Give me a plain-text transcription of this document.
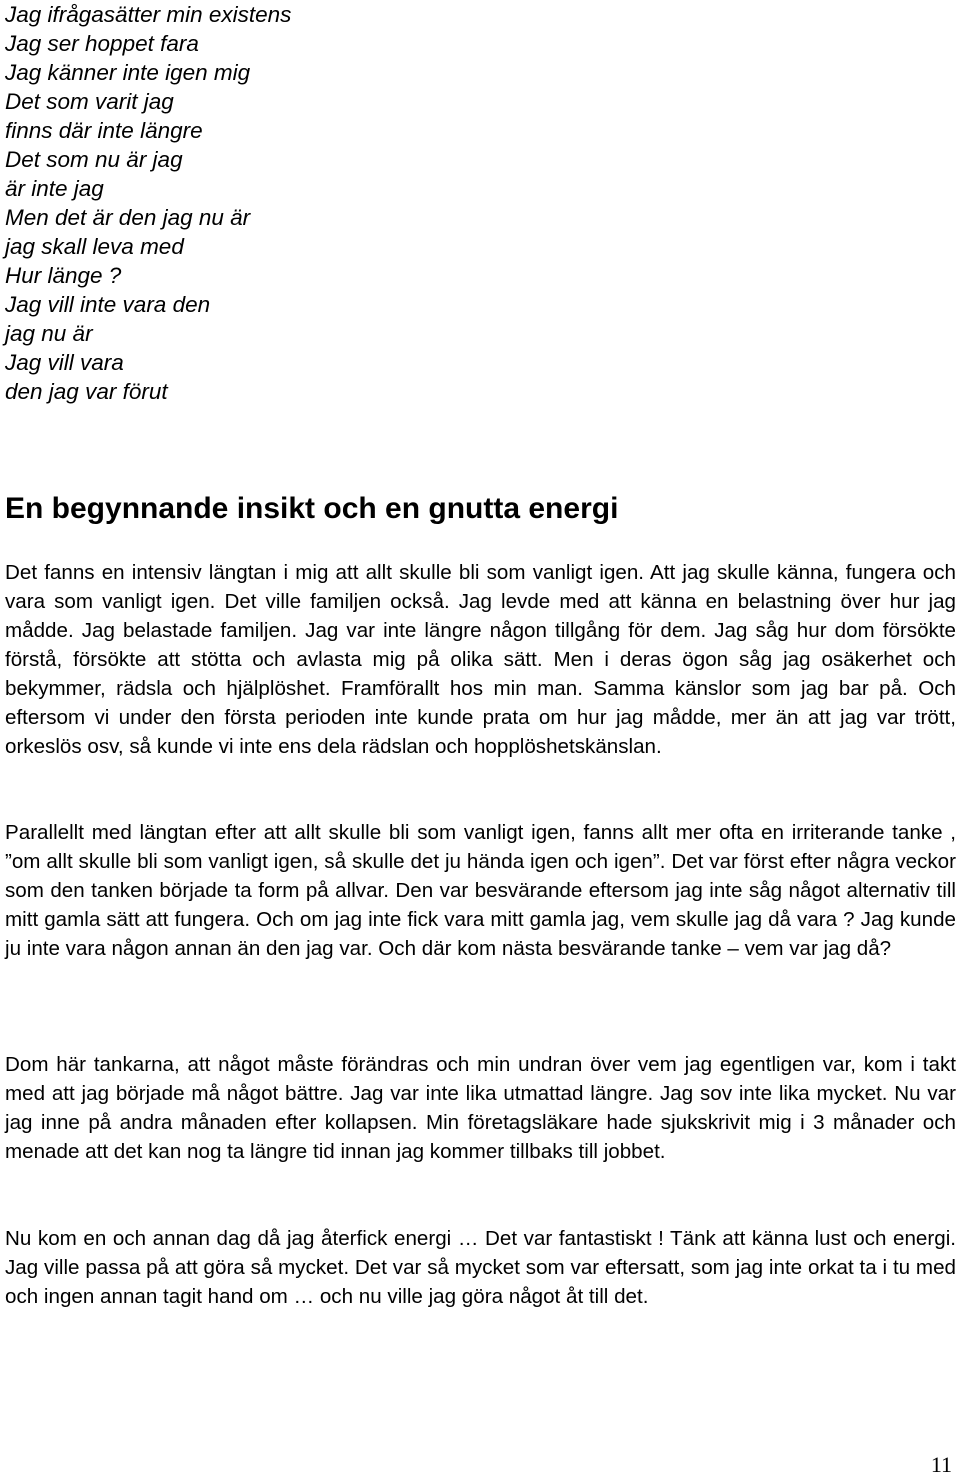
Jag ifrågasätter min existens
Jag ser hoppet fara
Jag känner inte igen mig
Det som varit jag
finns där inte längre
Det som nu är jag
är inte jag
Men det är den jag nu är
jag skall leva med
Hur länge ?
Jag vill inte vara den
jag nu är
Jag vill vara
den jag var förut
En begynnande insikt och en gnutta energi

Det fanns en intensiv längtan i mig att allt skulle bli som vanligt igen. Att jag skulle känna, fungera och vara som vanligt igen. Det ville familjen också. Jag levde med att känna en belastning över hur jag mådde. Jag belastade familjen. Jag var inte längre någon tillgång för dem. Jag såg hur dom försökte förstå, försökte att stötta och avlasta mig på olika sätt. Men i deras ögon såg jag osäkerhet och bekymmer, rädsla och hjälplöshet. Framförallt hos min man. Samma känslor som jag bar på. Och eftersom vi under den första perioden inte kunde prata om hur jag mådde, mer än att jag var trött, orkeslös osv, så kunde vi inte ens dela rädslan och hopplöshetskänslan.

Parallellt med längtan efter att allt skulle bli som vanligt igen, fanns allt mer ofta en irriterande tanke , ”om allt skulle bli som vanligt igen, så skulle det ju hända igen och igen”. Det var först efter några veckor som den tanken började ta form på allvar. Den var besvärande eftersom jag inte såg något alternativ till mitt gamla sätt att fungera. Och om jag inte fick vara mitt gamla jag, vem skulle jag då vara ? Jag kunde ju inte vara någon annan än den jag var. Och där kom nästa besvärande tanke – vem var jag då?

Dom här tankarna, att något måste förändras och min undran över vem jag egentligen var, kom i takt med att jag började må något bättre. Jag var inte lika utmattad längre. Jag sov inte lika mycket. Nu var jag inne på andra månaden efter kollapsen. Min företagsläkare hade sjukskrivit mig i 3 månader och menade att det kan nog ta längre tid innan jag kommer tillbaks till jobbet.

Nu kom en och annan dag då jag återfick energi … Det var fantastiskt ! Tänk att känna lust och energi. Jag ville passa på att göra så mycket. Det var så mycket som var eftersatt, som jag inte orkat ta i tu med och ingen annan tagit hand om … och nu ville jag göra något åt till det.

11
